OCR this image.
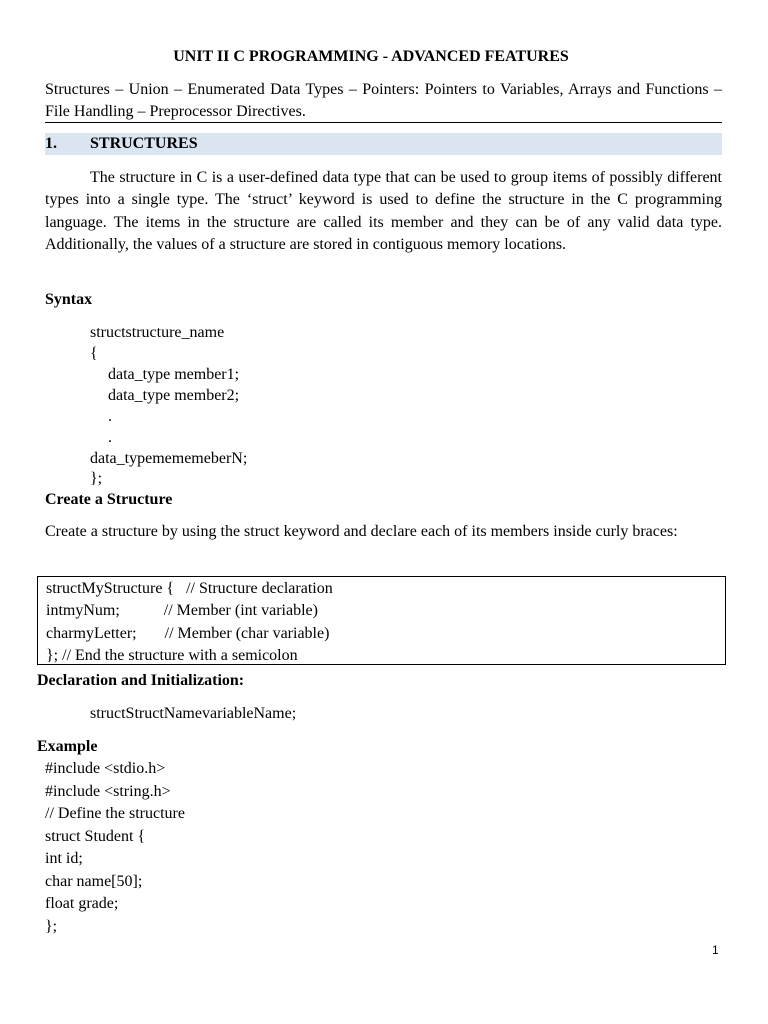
UNIT II C PROGRAMMING - ADVANCED FEATURES
Structures – Union – Enumerated Data Types – Pointers: Pointers to Variables, Arrays and Functions – File Handling – Preprocessor Directives.
1. STRUCTURES
The structure in C is a user-defined data type that can be used to group items of possibly different types into a single type. The ‘struct’ keyword is used to define the structure in the C programming language. The items in the structure are called its member and they can be of any valid data type. Additionally, the values of a structure are stored in contiguous memory locations.
Syntax
structstructure_name
{
data_type member1;
data_type member2;
.
.
data_typemememeberN;
};
Create a Structure
Create a structure by using the struct keyword and declare each of its members inside curly braces:
structMyStructure {   // Structure declaration
intmyNum;           // Member (int variable)
charmyLetter;       // Member (char variable)
}; // End the structure with a semicolon
Declaration and Initialization:
structStructNamevariableName;
Example
#include <stdio.h>
#include <string.h>
// Define the structure
struct Student {
int id;
char name[50];
float grade;
};
1
